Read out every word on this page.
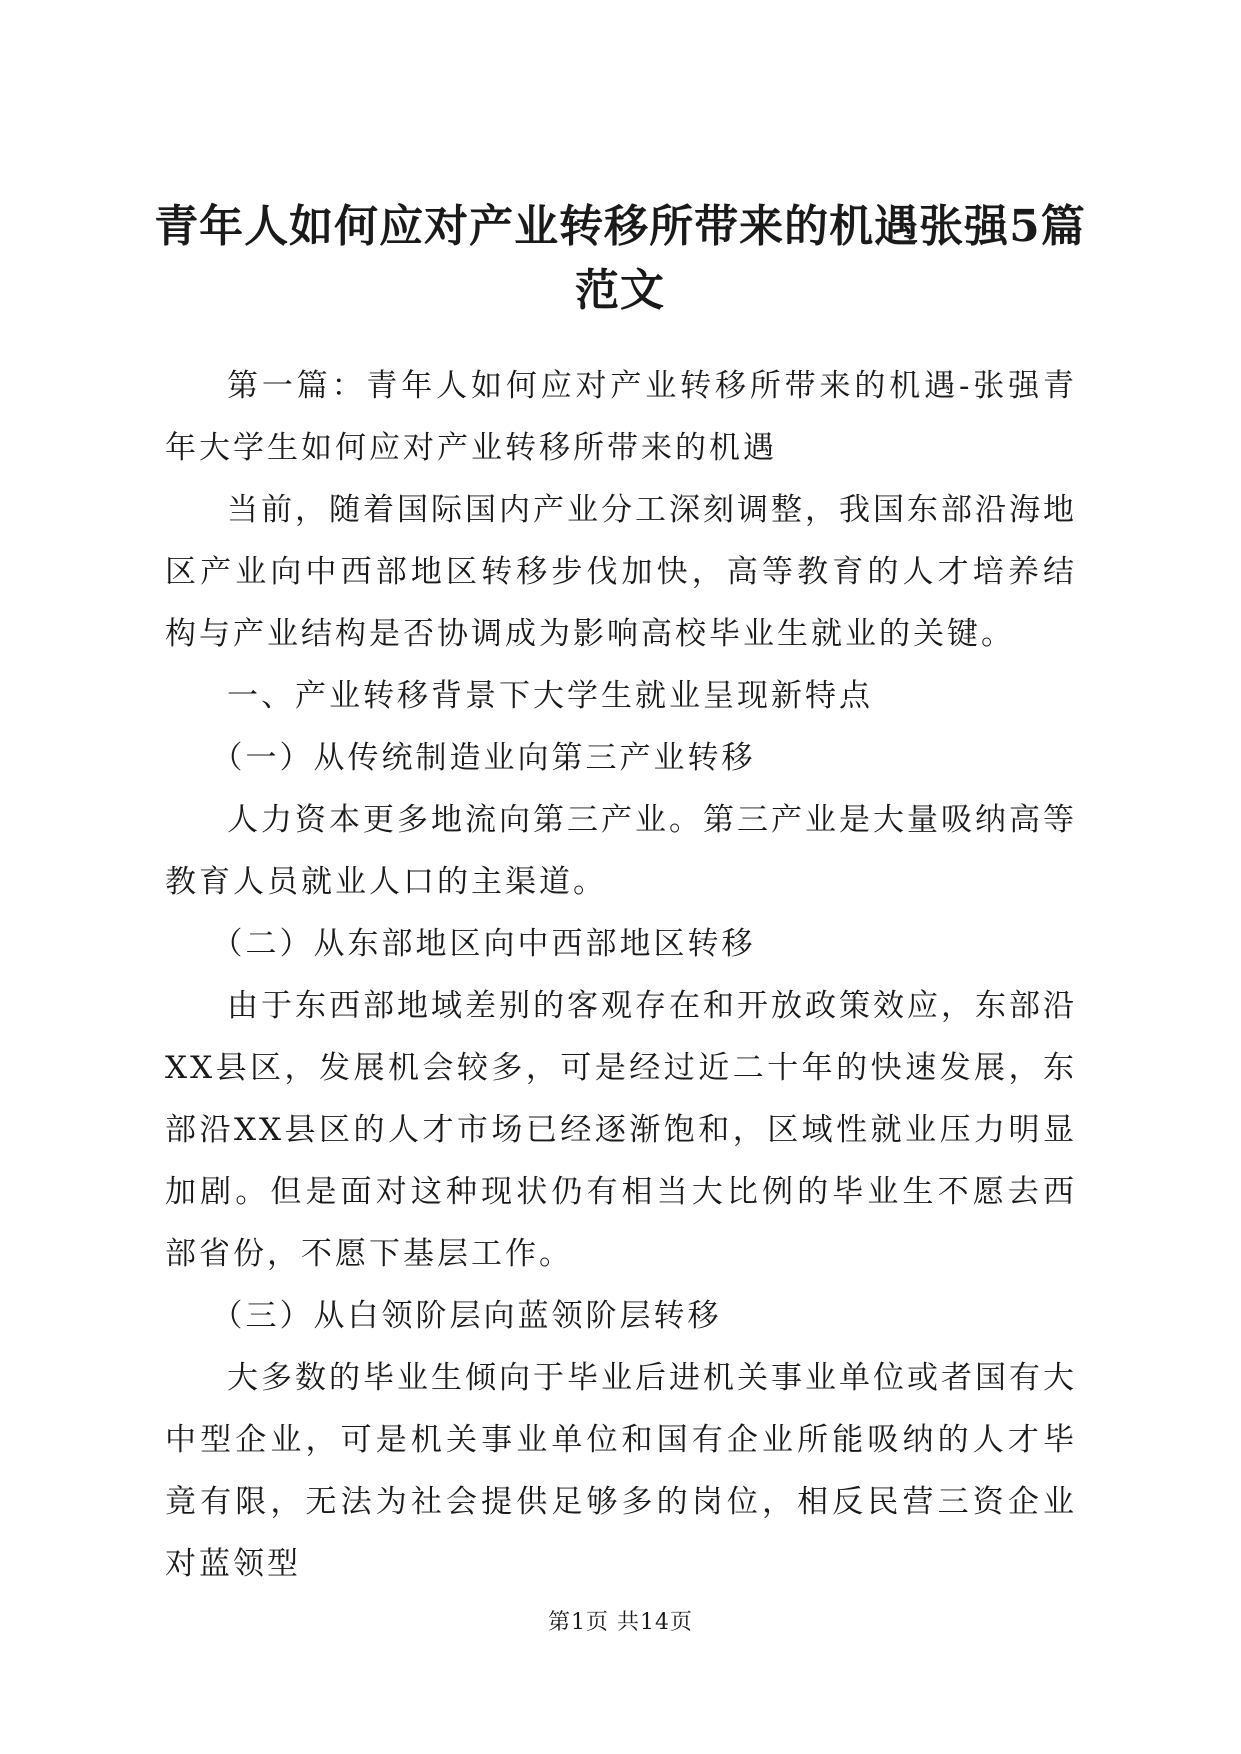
青年人如何应对产业转移所带来的机遇张强5篇范文

第一篇：青年人如何应对产业转移所带来的机遇-张强青年大学生如何应对产业转移所带来的机遇

当前，随着国际国内产业分工深刻调整，我国东部沿海地区产业向中西部地区转移步伐加快，高等教育的人才培养结构与产业结构是否协调成为影响高校毕业生就业的关键。

一、产业转移背景下大学生就业呈现新特点

（一）从传统制造业向第三产业转移

人力资本更多地流向第三产业。第三产业是大量吸纳高等教育人员就业人口的主渠道。

（二）从东部地区向中西部地区转移

由于东西部地域差别的客观存在和开放政策效应，东部沿XX县区，发展机会较多，可是经过近二十年的快速发展，东部沿XX县区的人才市场已经逐渐饱和，区域性就业压力明显加剧。但是面对这种现状仍有相当大比例的毕业生不愿去西部省份，不愿下基层工作。

（三）从白领阶层向蓝领阶层转移

大多数的毕业生倾向于毕业后进机关事业单位或者国有大中型企业，可是机关事业单位和国有企业所能吸纳的人才毕竟有限，无法为社会提供足够多的岗位，相反民营三资企业对蓝领型

第1页 共14页
